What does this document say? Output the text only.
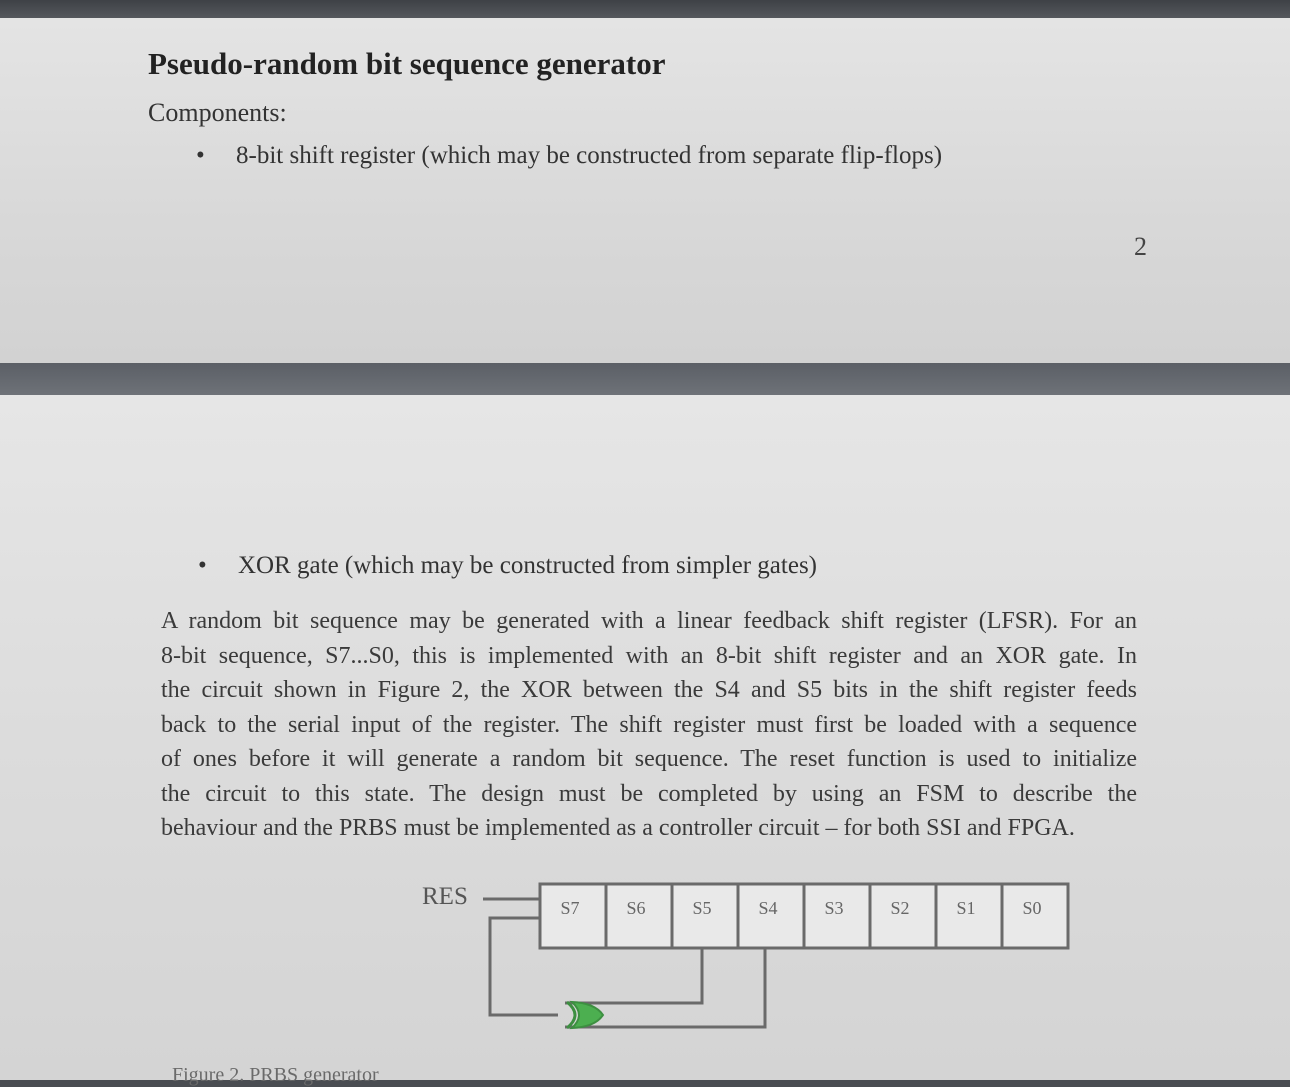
Pseudo-random bit sequence generator
Components:
• 8-bit shift register (which may be constructed from separate flip-flops)
2
• XOR gate (which may be constructed from simpler gates)
A random bit sequence may be generated with a linear feedback shift register (LFSR). For an
8-bit sequence, S7...S0, this is implemented with an 8-bit shift register and an XOR gate. In
the circuit shown in Figure 2, the XOR between the S4 and S5 bits in the shift register feeds
back to the serial input of the register. The shift register must first be loaded with a sequence
of ones before it will generate a random bit sequence. The reset function is used to initialize
the circuit to this state. The design must be completed by using an FSM to describe the
behaviour and the PRBS must be implemented as a controller circuit – for both SSI and FPGA.
RES	S7	S6	S5	S4	S3	S2	S1	S0
Figure 2. PRBS generator
